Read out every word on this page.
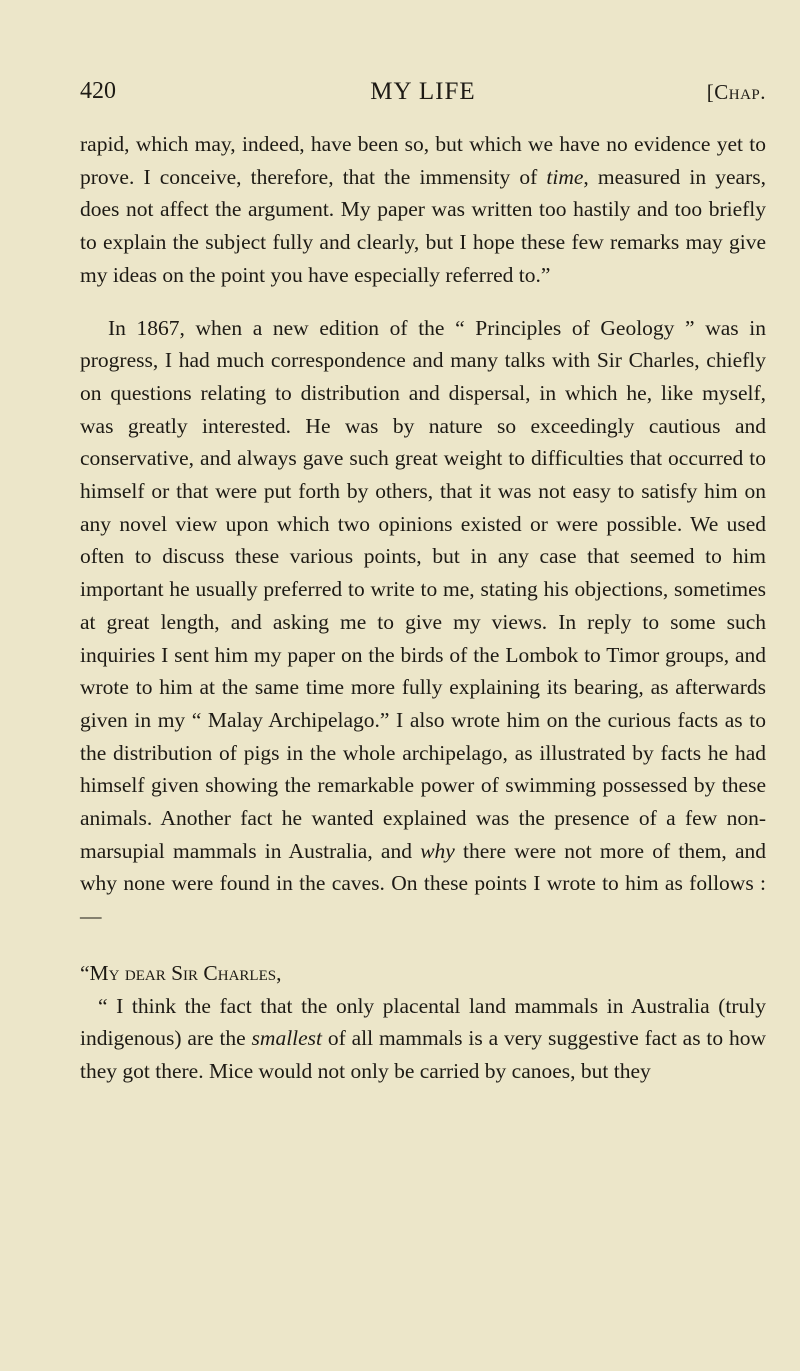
420	MY LIFE	[Chap.

rapid, which may, indeed, have been so, but which we have no evidence yet to prove. I conceive, therefore, that the immensity of time, measured in years, does not affect the argument. My paper was written too hastily and too briefly to explain the subject fully and clearly, but I hope these few remarks may give my ideas on the point you have especially referred to.”

In 1867, when a new edition of the “ Principles of Geology ” was in progress, I had much correspondence and many talks with Sir Charles, chiefly on questions relating to distribution and dispersal, in which he, like myself, was greatly interested. He was by nature so exceedingly cautious and conservative, and always gave such great weight to difficulties that occurred to himself or that were put forth by others, that it was not easy to satisfy him on any novel view upon which two opinions existed or were possible. We used often to discuss these various points, but in any case that seemed to him important he usually preferred to write to me, stating his objections, sometimes at great length, and asking me to give my views. In reply to some such inquiries I sent him my paper on the birds of the Lombok to Timor groups, and wrote to him at the same time more fully explaining its bearing, as afterwards given in my “ Malay Archipelago.” I also wrote him on the curious facts as to the distribution of pigs in the whole archipelago, as illustrated by facts he had himself given showing the remarkable power of swimming possessed by these animals. Another fact he wanted explained was the presence of a few non-marsupial mammals in Australia, and why there were not more of them, and why none were found in the caves. On these points I wrote to him as follows :—

“My dear Sir Charles,

“ I think the fact that the only placental land mammals in Australia (truly indigenous) are the smallest of all mammals is a very suggestive fact as to how they got there. Mice would not only be carried by canoes, but they
